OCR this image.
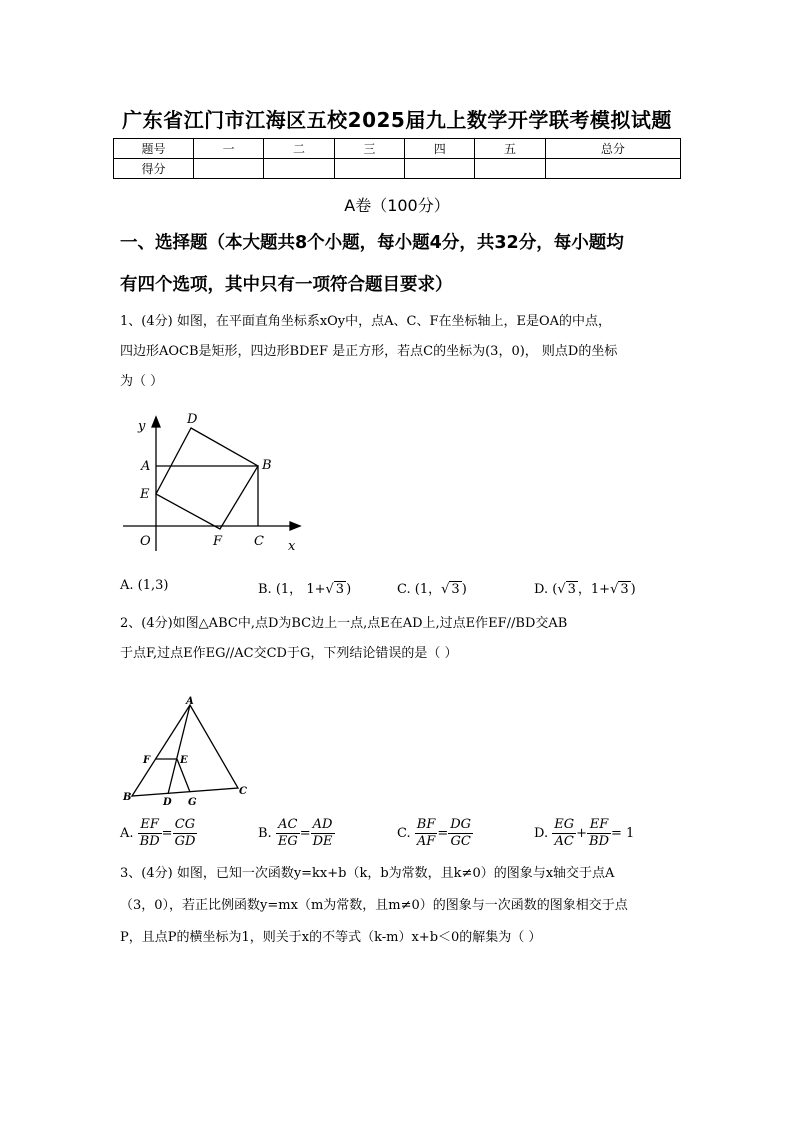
广东省江门市江海区五校2025届九上数学开学联考模拟试题
题号	一	二	三	四	五	总分
得分						
A卷（100分）
一、选择题（本大题共8个小题，每小题4分，共32分，每小题均
有四个选项，其中只有一项符合题目要求）
1、(4分) 如图，在平面直角坐标系xOy中，点A、C、F在坐标轴上，E是OA的中点，
四边形AOCB是矩形，四边形BDEF 是正方形，若点C的坐标为(3，0)， 则点D的坐标
为（ ）
y	D
A	B
E
O	F C x
A. (1,3)	B. (1， 1+√ 3 )	C. (1，√ 3 )	D. (√ 3 ，1+√ 3 )
2、(4分)如图△ABC中,点D为BC边上一点,点E在AD上,过点E作EF//BD交AB
于点F,过点E作EG//AC交CD于G，下列结论错误的是（ ）
A
F	E
B	D G
C
A. $\frac{EF}{BD} = \frac{CG}{GD}$	B. $\frac{AC}{EG} = \frac{AD}{DE}$	C. $\frac{BF}{AF} = \frac{DG}{GC}$	D. $\frac{EG}{AC} + \frac{EF}{BD} = 1$
3、(4分) 如图，已知一次函数y=kx+b（k，b为常数，且k≠0）的图象与x轴交于点A
（3，0），若正比例函数y=mx（m为常数，且m≠0）的图象与一次函数的图象相交于点
P，且点P的横坐标为1，则关于x的不等式（k-m）x+b＜0的解集为（ ）
